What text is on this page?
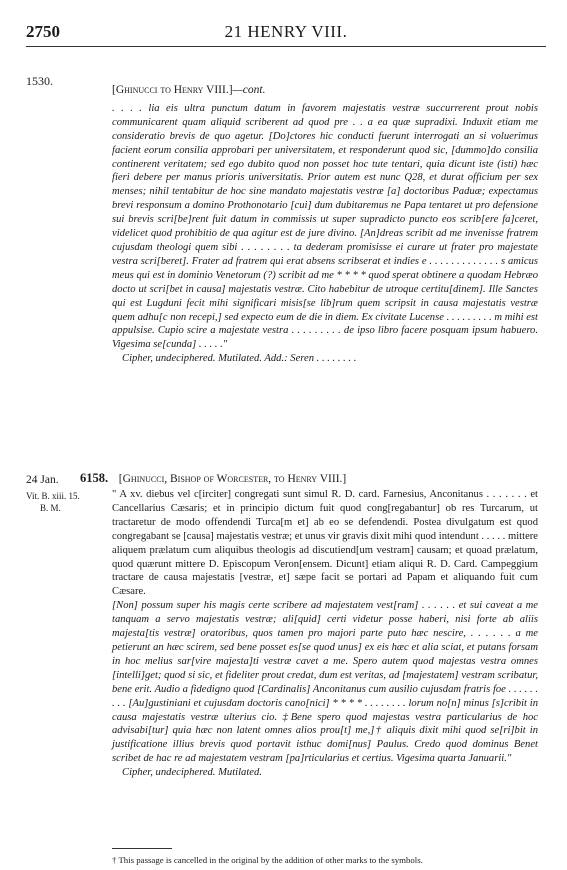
2750	21 HENRY VIII.
1530.
[Ghinucci to Henry VIII.]—cont.

. . . . lia eis ultra punctum datum in favorem majestatis vestræ succurrerent prout nobis communicarent quam aliquid scriberent ad quod pre . . a ea quæ supradixi. Induxit etiam me consideratio brevis de quo agetur. [Do]ctores hic conducti fuerunt interrogati an si voluerimus facient eorum consilia approbari per universitatem, et responderunt quod sic, [dummo]do consilia continerent veritatem; sed ego dubito quod non posset hoc tute tentari, quia dicunt iste (isti) hæc fieri debere per manus prioris universitatis. Prior autem est nunc Q28, et durat officium per sex menses; nihil tentabitur de hoc sine mandato majestatis vestræ [a] doctoribus Paduæ; expectamus brevi responsum a domino Prothonotario [cui] dum dubitaremus ne Papa tentaret ut pro defensione sui brevis scri[be]rent fuit datum in commissis ut super supradicto puncto eos scrib[ere fa]ceret, videlicet quod prohibitio de qua agitur est de jure divino. [An]dreas scribit ad me invenisse fratrem cujusdam theologi quem sibi . . . . . . . . ta dederam promisisse ei curare ut frater pro majestate vestra scri[beret]. Frater ad fratrem qui erat absens scribserat et indies e . . . . . . . . . . . . . s amicus meus qui est in dominio Venetorum (?) scribit ad me * * * * quod sperat obtinere a quodam Hebræo docto ut scri[bet in causa] majestatis vestræ. Cito habebitur de utroque certitu[dinem]. Ille Sanctes qui est Lugduni fecit mihi significari misis[se lib]rum quem scripsit in causa majestatis vestræ quem adhu[c non recepi,] sed expecto eum de die in diem. Ex civitate Lucense . . . . . . . . . m mihi est appulsise. Cupio scire a majestate vestra . . . . . . . . . de ipso libro facere posquam ipsum habuero. Vigesima se[cunda] . . . . ."

Cipher, undeciphered. Mutilated. Add.: Seren . . . . . . . .

24 Jan.
Vit. B. xiii. 15.
B. M.
6158. [Ghinucci, Bishop of Worcester, to Henry VIII.]

" A xv. diebus vel c[irciter] congregati sunt simul R. D. card. Farnesius, Anconitanus . . . . . . . et Cancellarius Cæsaris; et in principio dictum fuit quod cong[regabantur] ob res Turcarum, ut tractaretur de modo offendendi Turca[m et] ab eo se defendendi. Postea divulgatum est quod congregabant se [causa] majestatis vestræ; et unus vir gravis dixit mihi quod intendunt . . . . . mittere aliquem prælatum cum aliquibus theologis ad discutiend[um vestram] causam; et quoad prælatum, quod quærunt mittere D. Episcopum Veron[ensem. Dicunt] etiam aliqui R. D. Card. Campeggium tractare de causa majestatis [vestræ, et] sæpe facit se portari ad Papam et aliquando fuit cum Cæsare.

[Non] possum super his magis certe scribere ad majestatem vest[ram] . . . . . . et sui caveat a me tanquam a servo majestatis vestræ; ali[quid] certi videtur posse haberi, nisi forte ab aliis majesta[tis vestræ] oratoribus, quos tamen pro majori parte puto hæc nescire, . . . . . . a me petierunt an hæc scirem, sed bene posset es[se quod unus] ex eis hæc et alia sciat, et putans forsam in hoc melius sar[vire majesta]ti vestræ cavet a me. Spero autem quod majestas vestra omnes [intelli]get; quod si sic, et fideliter prout credat, dum est veritas, ad [majestatem] vestram scribatur, bene erit. Audio a fidedigno quod [Cardinalis] Anconitanus cum ausilio cujusdam fratris foe . . . . . . . . . [Au]gustiniani et cujusdam doctoris cano[nici] * * * * . . . . . . . . lorum no[n] minus [s]cribit in causa majestatis vestræ ulterius cio. ‡Bene spero quod majestas vestra particularius de hoc advisabi[tur] quia hæc non latent omnes alios prou[t] me,]† aliquis dixit mihi quod se[ri]bit in justificatione illius brevis quod portavit isthuc domi[nus] Paulus. Credo quod dominus Benet scribet de hac re ad majestatem vestram [pa]rticularius et certius. Vigesima quarta Januarii."

Cipher, undeciphered. Mutilated.

† This passage is cancelled in the original by the addition of other marks to the symbols.
